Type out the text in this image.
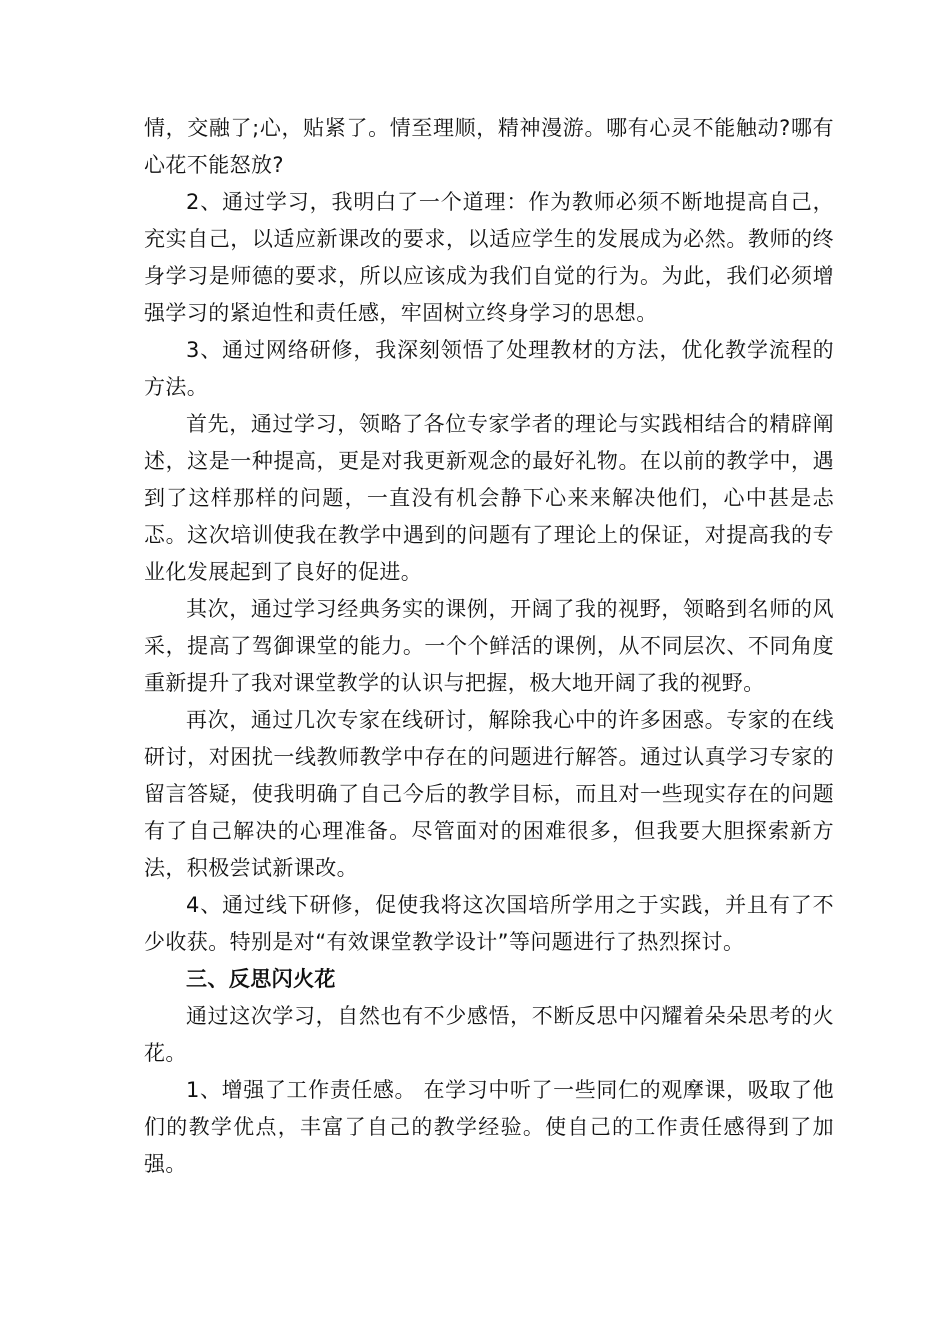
情，交融了;心，贴紧了。情至理顺，精神漫游。哪有心灵不能触动?哪有心花不能怒放?

2、通过学习，我明白了一个道理：作为教师必须不断地提高自己，充实自己，以适应新课改的要求，以适应学生的发展成为必然。教师的终身学习是师德的要求，所以应该成为我们自觉的行为。为此，我们必须增强学习的紧迫性和责任感，牢固树立终身学习的思想。

3、通过网络研修，我深刻领悟了处理教材的方法，优化教学流程的方法。

首先，通过学习，领略了各位专家学者的理论与实践相结合的精辟阐述，这是一种提高，更是对我更新观念的最好礼物。在以前的教学中，遇到了这样那样的问题，一直没有机会静下心来来解决他们，心中甚是忐忑。这次培训使我在教学中遇到的问题有了理论上的保证，对提高我的专业化发展起到了良好的促进。

其次，通过学习经典务实的课例，开阔了我的视野，领略到名师的风采，提高了驾御课堂的能力。一个个鲜活的课例，从不同层次、不同角度重新提升了我对课堂教学的认识与把握，极大地开阔了我的视野。

再次，通过几次专家在线研讨，解除我心中的许多困惑。专家的在线研讨，对困扰一线教师教学中存在的问题进行解答。通过认真学习专家的留言答疑，使我明确了自己今后的教学目标，而且对一些现实存在的问题有了自己解决的心理准备。尽管面对的困难很多，但我要大胆探索新方法，积极尝试新课改。

4、通过线下研修，促使我将这次国培所学用之于实践，并且有了不少收获。特别是对“有效课堂教学设计”等问题进行了热烈探讨。

三、反思闪火花

通过这次学习，自然也有不少感悟，不断反思中闪耀着朵朵思考的火花。

1、增强了工作责任感。 在学习中听了一些同仁的观摩课，吸取了他们的教学优点，丰富了自己的教学经验。使自己的工作责任感得到了加强。
